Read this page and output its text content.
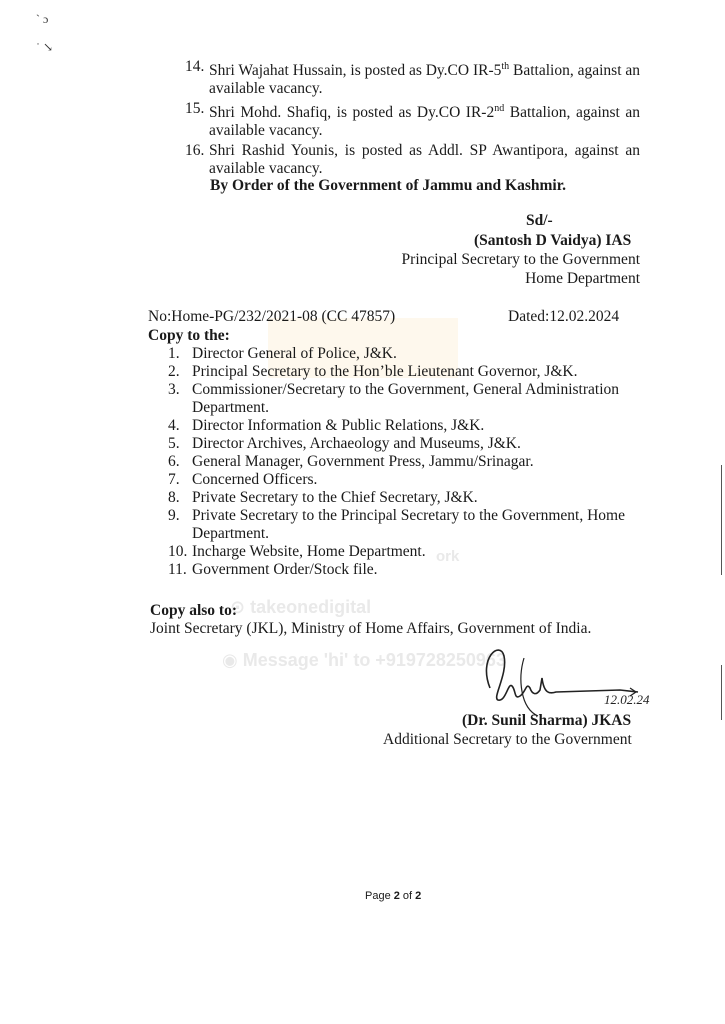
` ɔ
˙ ↘
ork
⊙ takeonedigital
◉ Message 'hi' to +919728250963
14. Shri Wajahat Hussain, is posted as Dy.CO IR-5th Battalion, against an available vacancy.
15. Shri Mohd. Shafiq, is posted as Dy.CO IR-2nd Battalion, against an available vacancy.
16. Shri Rashid Younis, is posted as Addl. SP Awantipora, against an available vacancy.
By Order of the Government of Jammu and Kashmir.
Sd/-
(Santosh D Vaidya) IAS
Principal Secretary to the Government
Home Department
No:Home-PG/232/2021-08 (CC 47857)	Dated:12.02.2024
Copy to the:
1. Director General of Police, J&K.
2. Principal Secretary to the Hon’ble Lieutenant Governor, J&K.
3. Commissioner/Secretary to the Government, General Administration Department.
4. Director Information & Public Relations, J&K.
5. Director Archives, Archaeology and Museums, J&K.
6. General Manager, Government Press, Jammu/Srinagar.
7. Concerned Officers.
8. Private Secretary to the Chief Secretary, J&K.
9. Private Secretary to the Principal Secretary to the Government, Home Department.
10. Incharge Website, Home Department.
11. Government Order/Stock file.
Copy also to:
Joint Secretary (JKL), Ministry of Home Affairs, Government of India.
12.02.24
(Dr. Sunil Sharma) JKAS
Additional Secretary to the Government
Page 2 of 2
